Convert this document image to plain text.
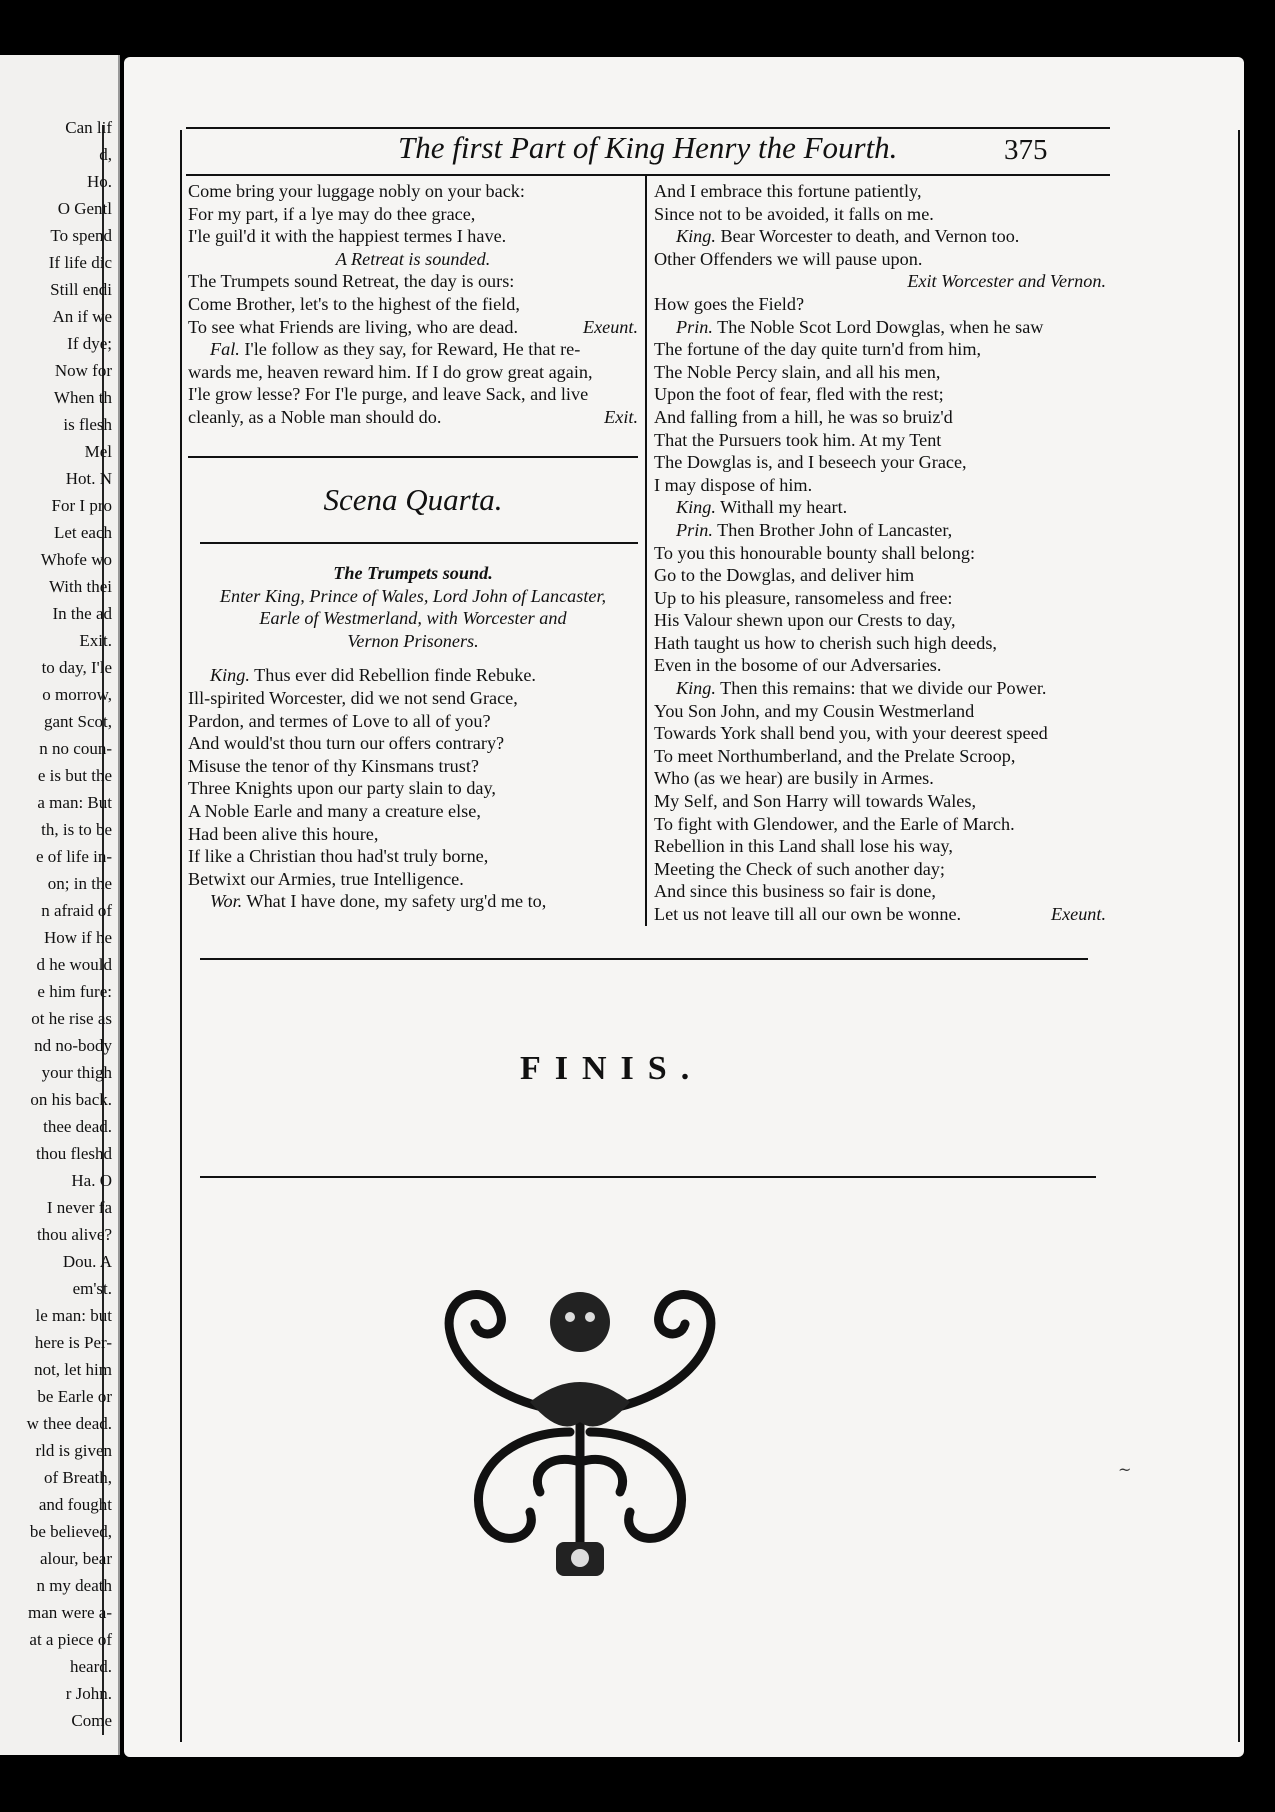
Can lif
d,
Ho.
O Gentl
To spend
If life dic
Still endi
An if we
If dye;
Now for
When th
is flesh
Mel
Hot. N
For I pro
Let each
Whofe wo
With thei
In the ad
Exit.
to day, I'le
o morrow,
gant Scot,
n no coun-
e is but the
a man: But
th, is to be
e of life in-
on; in the
n afraid of
How if he
d he would
e him fure:
ot he rise as
nd no-body
your thigh
on his back.
thee dead.
thou fleshd
Ha. O
I never fa
thou alive?
Dou. A
em'st.
le man: but
here is Per-
not, let him
be Earle or
w thee dead.
rld is given
of Breath,
and fought
be believed,
alour, bear
n my death
man were a-
at a piece of
heard.
r John.
Come
The first Part of King Henry the Fourth.	375
Come bring your luggage nobly on your back:
For my part, if a lye may do thee grace,
I'le guil'd it with the happiest termes I have.
A Retreat is sounded.
The Trumpets sound Retreat, the day is ours:
Come Brother, let's to the highest of the field,
To see what Friends are living, who are dead.	Exeunt.
Fal. I'le follow as they say, for Reward, He that re-
wards me, heaven reward him. If I do grow great again,
I'le grow lesse? For I'le purge, and leave Sack, and live
cleanly, as a Noble man should do.	Exit.
Scena Quarta.
The Trumpets sound.
Enter King, Prince of Wales, Lord John of Lancaster,
Earle of Westmerland, with Worcester and
Vernon Prisoners.
King. Thus ever did Rebellion finde Rebuke.
Ill-spirited Worcester, did we not send Grace,
Pardon, and termes of Love to all of you?
And would'st thou turn our offers contrary?
Misuse the tenor of thy Kinsmans trust?
Three Knights upon our party slain to day,
A Noble Earle and many a creature else,
Had been alive this houre,
If like a Christian thou had'st truly borne,
Betwixt our Armies, true Intelligence.
Wor. What I have done, my safety urg'd me to,
And I embrace this fortune patiently,
Since not to be avoided, it falls on me.
King. Bear Worcester to death, and Vernon too.
Other Offenders we will pause upon.
Exit Worcester and Vernon.
How goes the Field?
Prin. The Noble Scot Lord Dowglas, when he saw
The fortune of the day quite turn'd from him,
The Noble Percy slain, and all his men,
Upon the foot of fear, fled with the rest;
And falling from a hill, he was so bruiz'd
That the Pursuers took him. At my Tent
The Dowglas is, and I beseech your Grace,
I may dispose of him.
King. Withall my heart.
Prin. Then Brother John of Lancaster,
To you this honourable bounty shall belong:
Go to the Dowglas, and deliver him
Up to his pleasure, ransomeless and free:
His Valour shewn upon our Crests to day,
Hath taught us how to cherish such high deeds,
Even in the bosome of our Adversaries.
King. Then this remains: that we divide our Power.
You Son John, and my Cousin Westmerland
Towards York shall bend you, with your deerest speed
To meet Northumberland, and the Prelate Scroop,
Who (as we hear) are busily in Armes.
My Self, and Son Harry will towards Wales,
To fight with Glendower, and the Earle of March.
Rebellion in this Land shall lose his way,
Meeting the Check of such another day;
And since this business so fair is done,
Let us not leave till all our own be wonne.	Exeunt.
FINIS.
~
